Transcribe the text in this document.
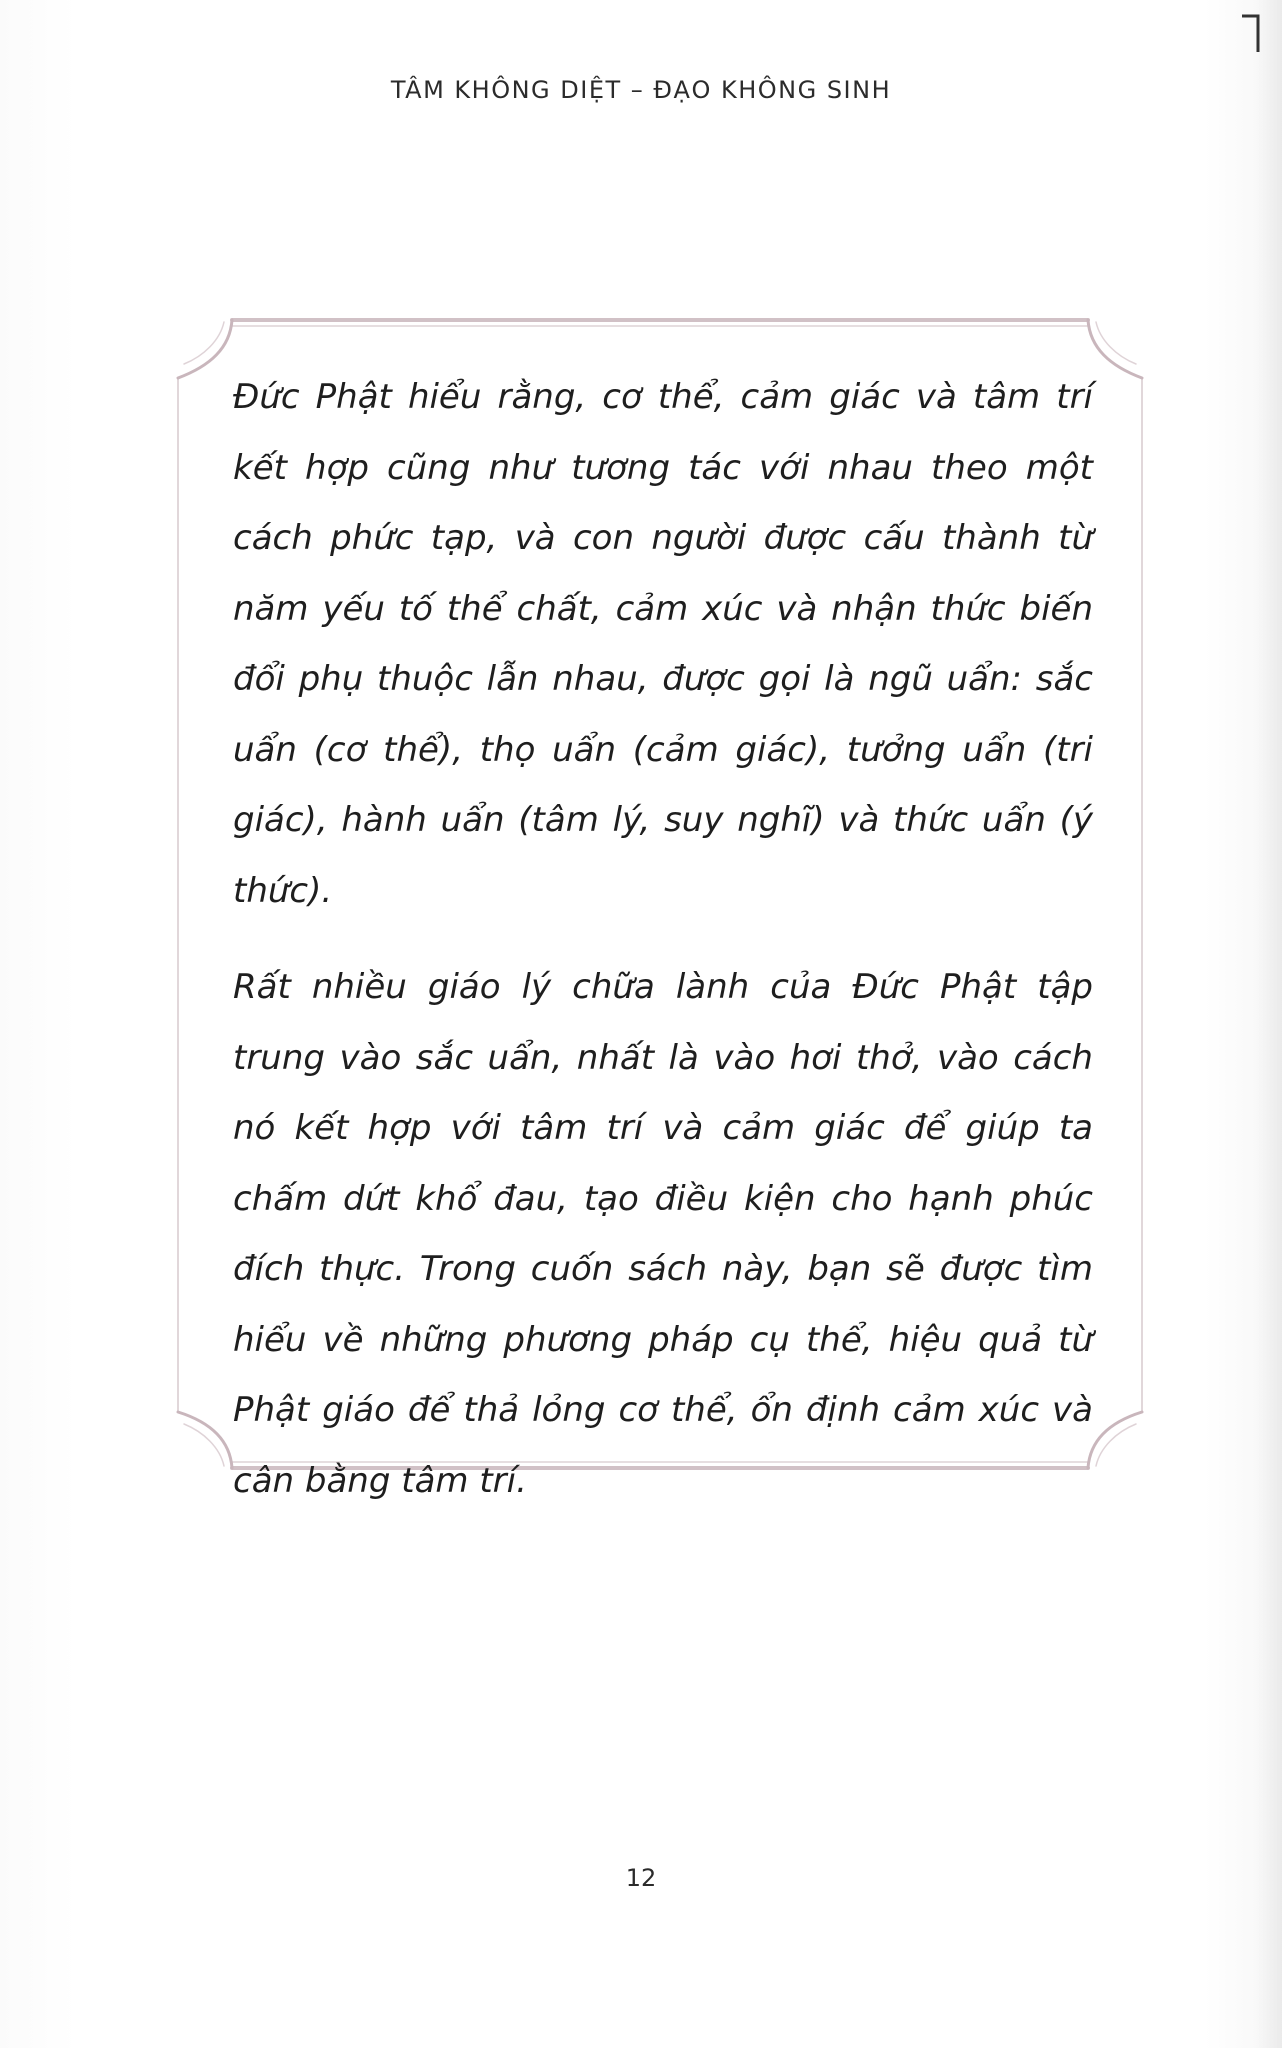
TÂM KHÔNG DIỆT – ĐẠO KHÔNG SINH

Đức Phật hiểu rằng, cơ thể, cảm giác và tâm trí kết hợp cũng như tương tác với nhau theo một cách phức tạp, và con người được cấu thành từ năm yếu tố thể chất, cảm xúc và nhận thức biến đổi phụ thuộc lẫn nhau, được gọi là ngũ uẩn: sắc uẩn (cơ thể), thọ uẩn (cảm giác), tưởng uẩn (tri giác), hành uẩn (tâm lý, suy nghĩ) và thức uẩn (ý thức).

Rất nhiều giáo lý chữa lành của Đức Phật tập trung vào sắc uẩn, nhất là vào hơi thở, vào cách nó kết hợp với tâm trí và cảm giác để giúp ta chấm dứt khổ đau, tạo điều kiện cho hạnh phúc đích thực. Trong cuốn sách này, bạn sẽ được tìm hiểu về những phương pháp cụ thể, hiệu quả từ Phật giáo để thả lỏng cơ thể, ổn định cảm xúc và cân bằng tâm trí.

12
